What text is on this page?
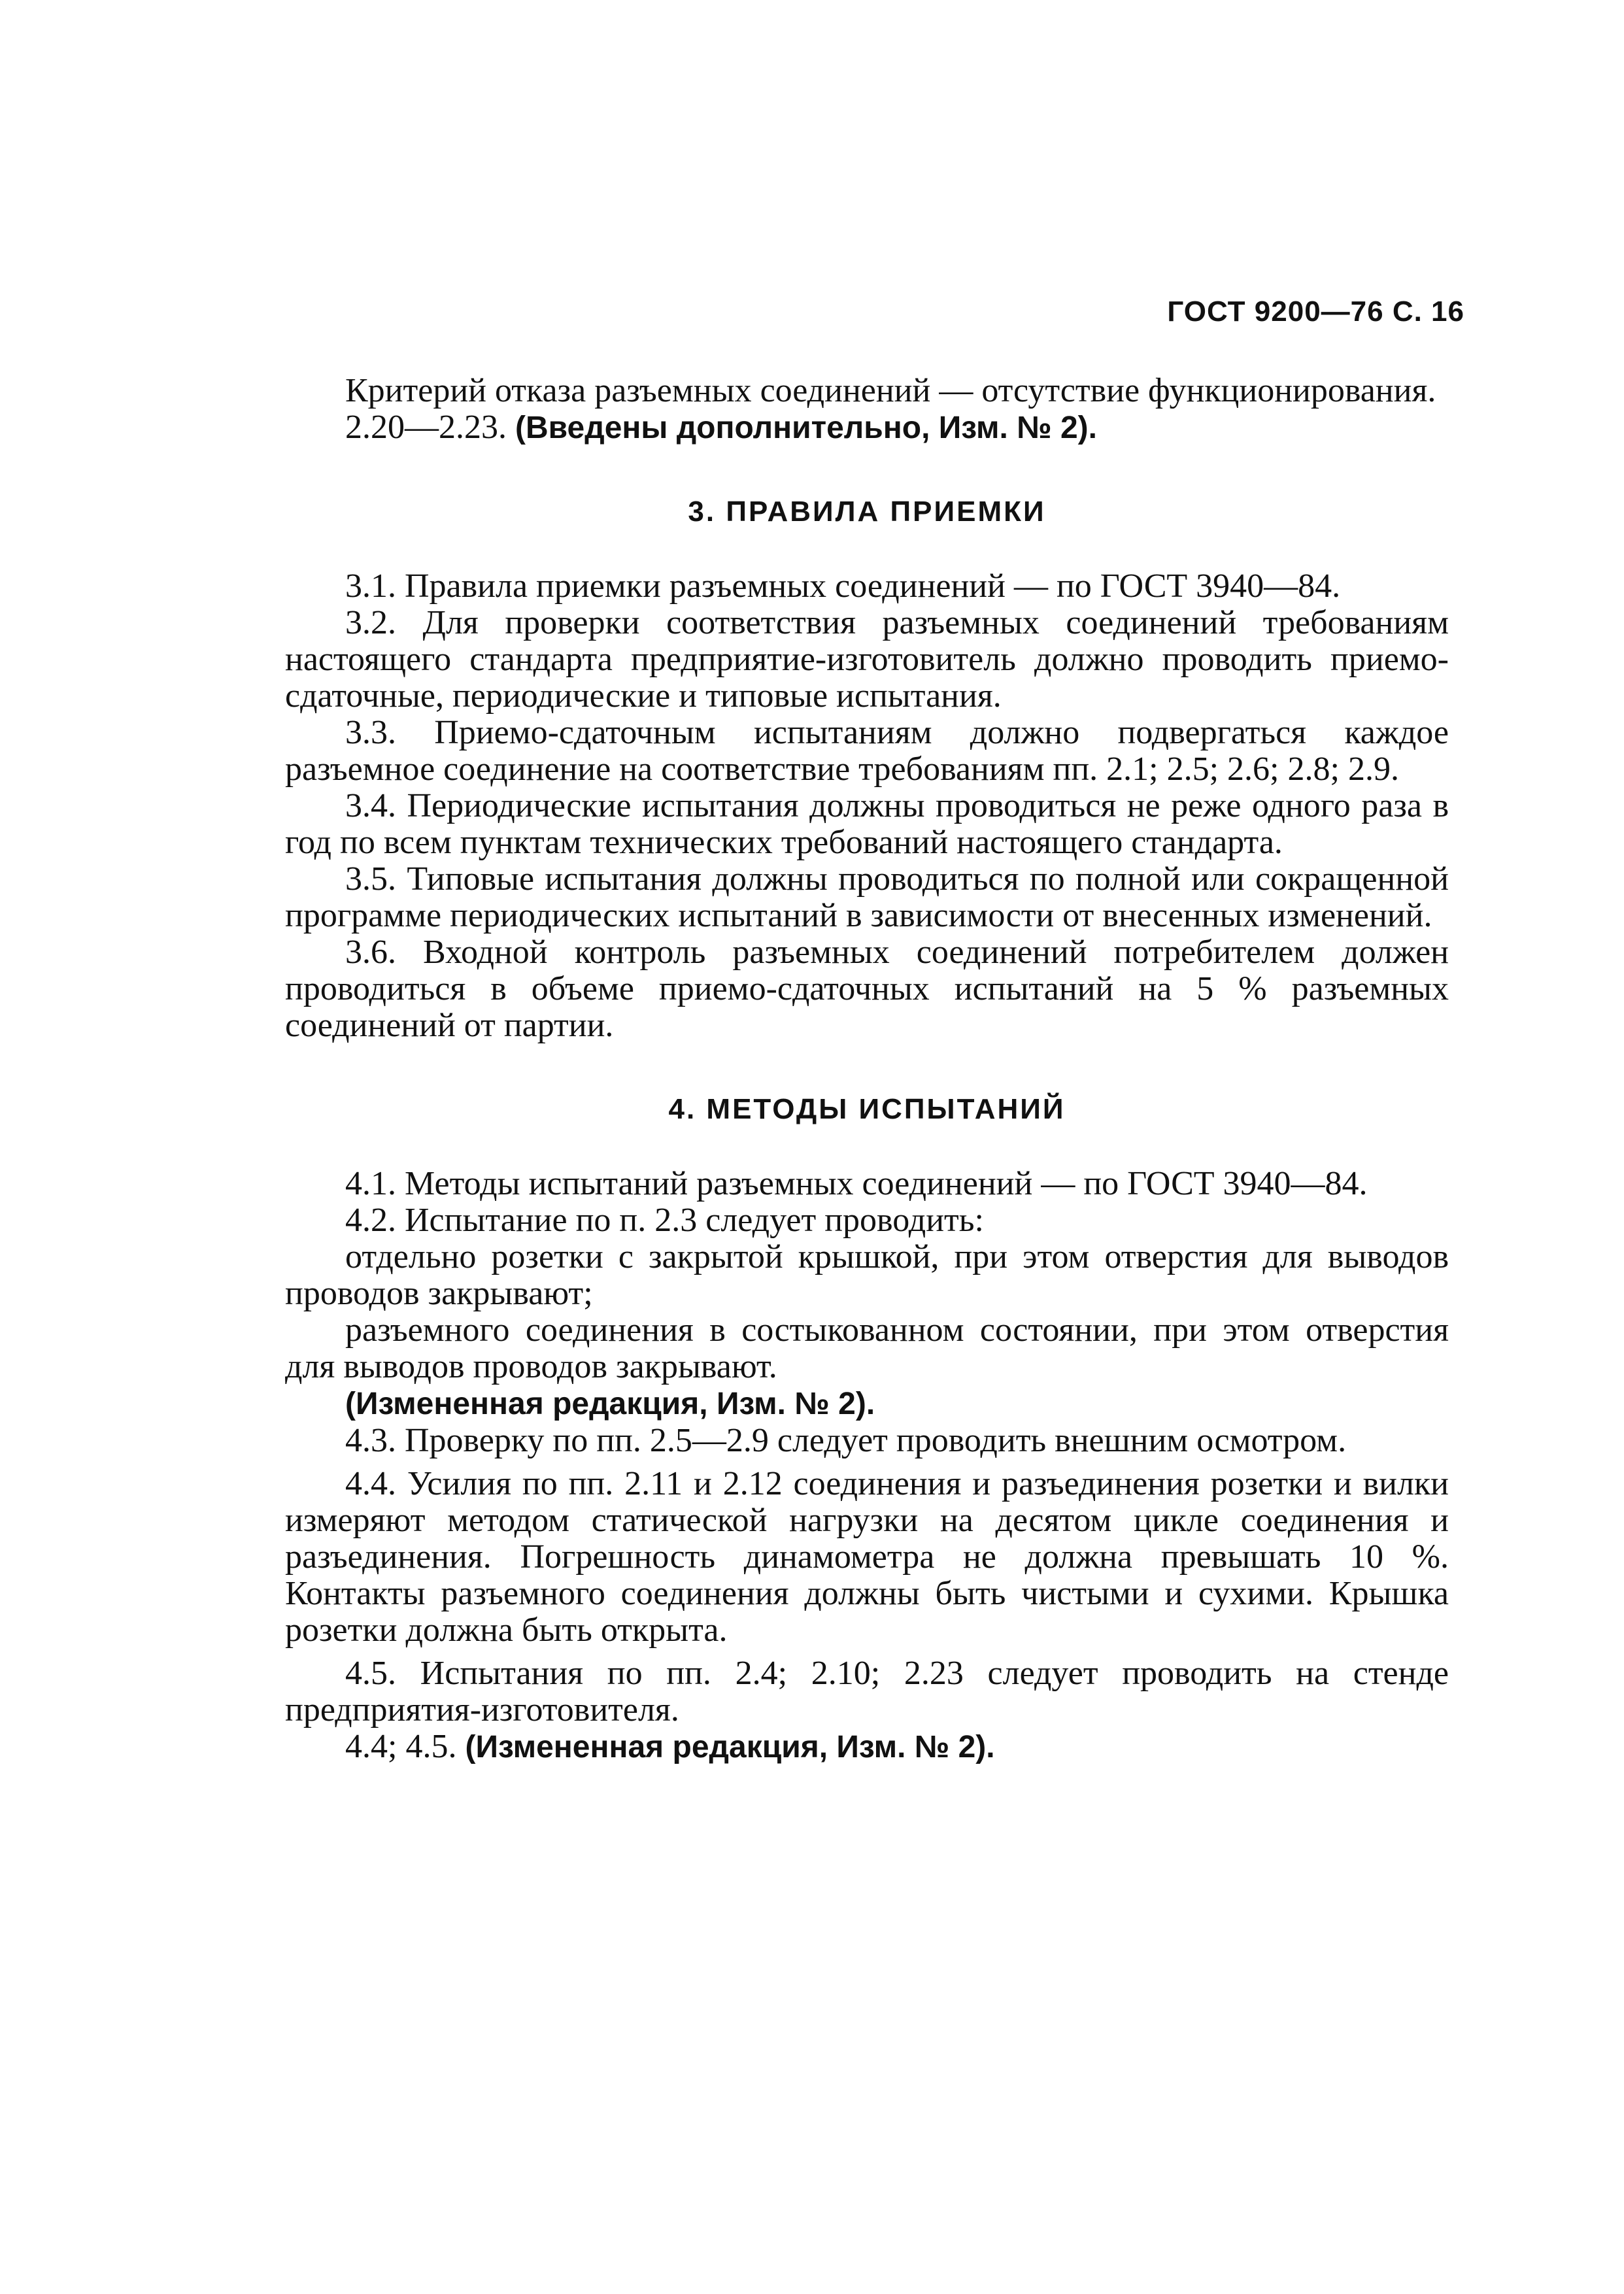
ГОСТ 9200—76 С. 16

Критерий отказа разъемных соединений — отсутствие функционирования.

2.20—2.23. (Введены дополнительно, Изм. № 2).

3. ПРАВИЛА ПРИЕМКИ

3.1. Правила приемки разъемных соединений — по ГОСТ 3940—84.

3.2. Для проверки соответствия разъемных соединений требованиям настоящего стандарта предприятие-изготовитель должно проводить приемо-сдаточные, периодические и типовые испытания.

3.3. Приемо-сдаточным испытаниям должно подвергаться каждое разъемное соединение на соответствие требованиям пп. 2.1; 2.5; 2.6; 2.8; 2.9.

3.4. Периодические испытания должны проводиться не реже одного раза в год по всем пунктам технических требований настоящего стандарта.

3.5. Типовые испытания должны проводиться по полной или сокращенной программе периодических испытаний в зависимости от внесенных изменений.

3.6. Входной контроль разъемных соединений потребителем должен проводиться в объеме приемо-сдаточных испытаний на 5 % разъемных соединений от партии.

4. МЕТОДЫ ИСПЫТАНИЙ

4.1. Методы испытаний разъемных соединений — по ГОСТ 3940—84.

4.2. Испытание по п. 2.3 следует проводить:

отдельно розетки с закрытой крышкой, при этом отверстия для выводов проводов закрывают;

разъемного соединения в состыкованном состоянии, при этом отверстия для выводов проводов закрывают.

(Измененная редакция, Изм. № 2).

4.3. Проверку по пп. 2.5—2.9 следует проводить внешним осмотром.

4.4. Усилия по пп. 2.11 и 2.12 соединения и разъединения розетки и вилки измеряют методом статической нагрузки на десятом цикле соединения и разъединения. Погрешность динамометра не должна превышать 10 %. Контакты разъемного соединения должны быть чистыми и сухими. Крышка розетки должна быть открыта.

4.5. Испытания по пп. 2.4; 2.10; 2.23 следует проводить на стенде предприятия-изготовителя.

4.4; 4.5. (Измененная редакция, Изм. № 2).
